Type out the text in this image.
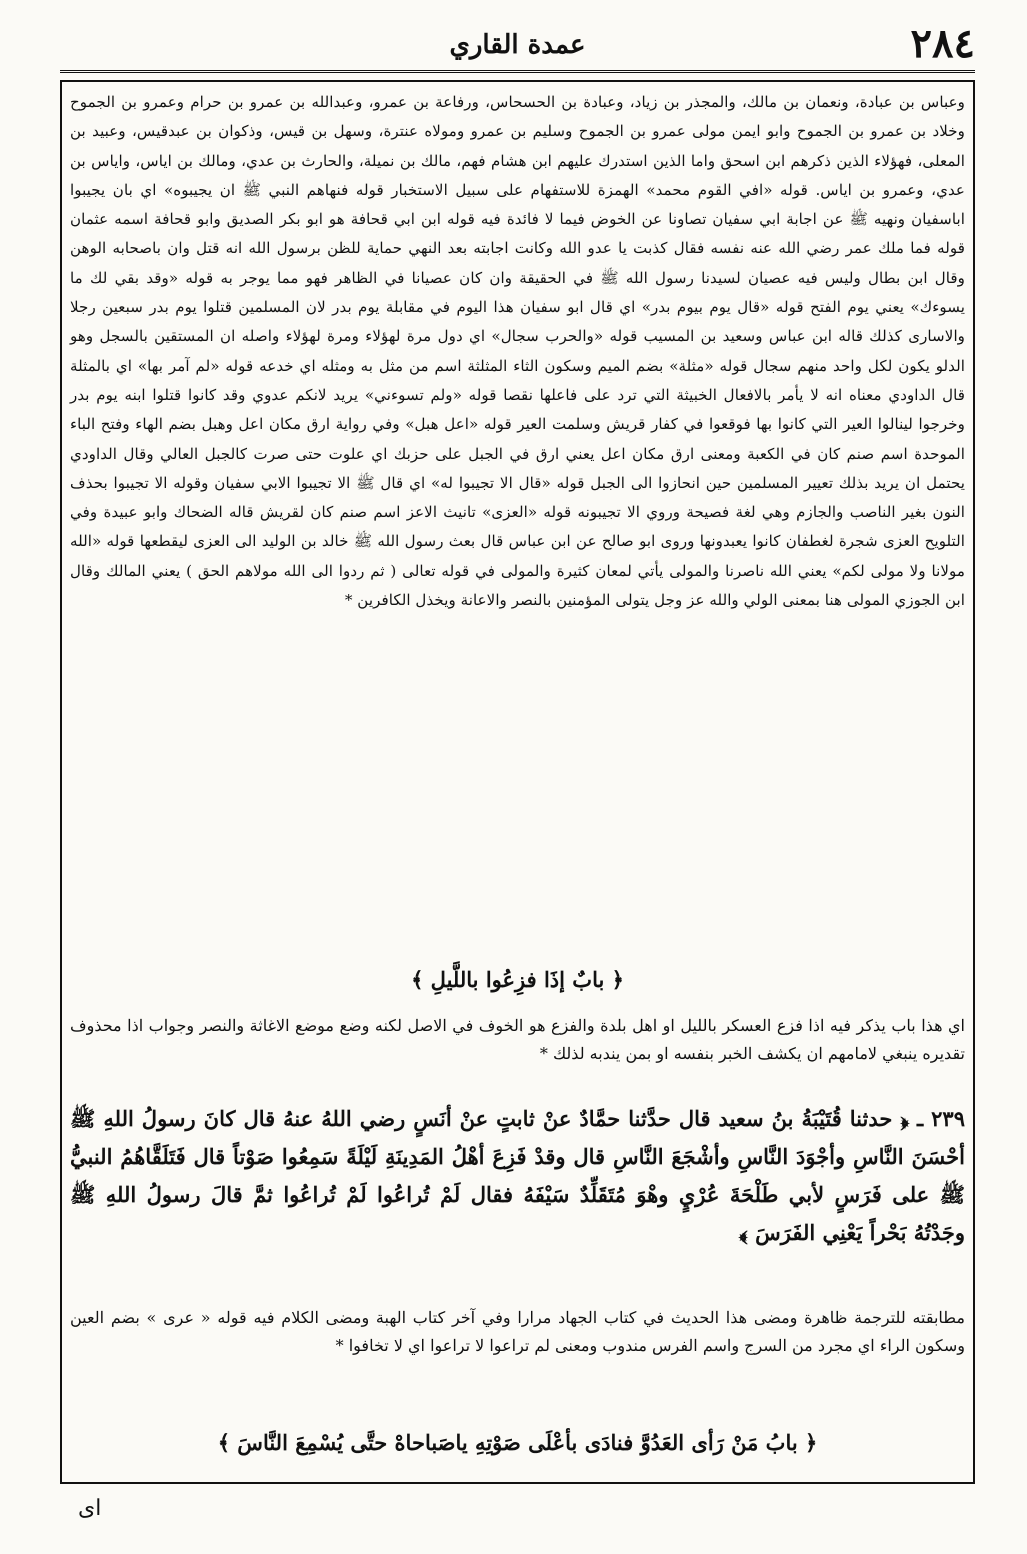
٢٨٤
عمدة القاري

وعباس بن عبادة، ونعمان بن مالك، والمجذر بن زياد، وعبادة بن الحسحاس، ورفاعة بن عمرو، وعبدالله بن عمرو بن حرام وعمرو بن الجموح وخلاد بن عمرو بن الجموح وابو ايمن مولى عمرو بن الجموح وسليم بن عمرو ومولاه عنترة، وسهل بن قيس، وذكوان بن عبدقيس، وعبيد بن المعلى، فهؤلاء الذين ذكرهم ابن اسحق واما الذين استدرك عليهم ابن هشام فهم، مالك بن نميلة، والحارث بن عدي، ومالك بن اياس، واياس بن عدي، وعمرو بن اياس. قوله «افي القوم محمد» الهمزة للاستفهام على سبيل الاستخبار قوله فنهاهم النبي ﷺ ان يجيبوه» اي بان يجيبوا اباسفيان ونهيه ﷺ عن اجابة ابي سفيان تصاونا عن الخوض فيما لا فائدة فيه قوله ابن ابي قحافة هو ابو بكر الصديق وابو قحافة اسمه عثمان قوله فما ملك عمر رضي الله عنه نفسه فقال كذبت يا عدو الله وكانت اجابته بعد النهي حماية للظن برسول الله انه قتل وان باصحابه الوهن وقال ابن بطال وليس فيه عصيان لسيدنا رسول الله ﷺ في الحقيقة وان كان عصيانا في الظاهر فهو مما يوجر به قوله «وقد بقي لك ما يسوءك» يعني يوم الفتح قوله «قال يوم بيوم بدر» اي قال ابو سفيان هذا اليوم في مقابلة يوم بدر لان المسلمين قتلوا يوم بدر سبعين رجلا والاسارى كذلك قاله ابن عباس وسعيد بن المسيب قوله «والحرب سجال» اي دول مرة لهؤلاء ومرة لهؤلاء واصله ان المستقين بالسجل وهو الدلو يكون لكل واحد منهم سجال قوله «مثلة» بضم الميم وسكون الثاء المثلثة اسم من مثل به ومثله اي خدعه قوله «لم آمر بها» اي بالمثلة قال الداودي معناه انه لا يأمر بالافعال الخبيثة التي ترد على فاعلها نقصا قوله «ولم تسوءني» يريد لانكم عدوي وقد كانوا قتلوا ابنه يوم بدر وخرجوا لينالوا العير التي كانوا بها فوقعوا في كفار قريش وسلمت العير قوله «اعل هبل» وفي رواية ارق مكان اعل وهبل بضم الهاء وفتح الباء الموحدة اسم صنم كان في الكعبة ومعنى ارق مكان اعل يعني ارق في الجبل على حزبك اي علوت حتى صرت كالجبل العالي وقال الداودي يحتمل ان يريد بذلك تعيير المسلمين حين انحازوا الى الجبل قوله «قال الا تجيبوا له» اي قال ﷺ الا تجيبوا الابي سفيان وقوله الا تجيبوا بحذف النون بغير الناصب والجازم وهي لغة فصيحة وروي الا تجيبونه قوله «العزى» تانيث الاعز اسم صنم كان لقريش قاله الضحاك وابو عبيدة وفي التلويح العزى شجرة لغطفان كانوا يعبدونها وروى ابو صالح عن ابن عباس قال بعث رسول الله ﷺ خالد بن الوليد الى العزى ليقطعها قوله «الله مولانا ولا مولى لكم» يعني الله ناصرنا والمولى يأتي لمعان كثيرة والمولى في قوله تعالى ( ثم ردوا الى الله مولاهم الحق ) يعني المالك وقال ابن الجوزي المولى هنا بمعنى الولي والله عز وجل يتولى المؤمنين بالنصر والاعانة ويخذل الكافرين *

﴿ بابٌ إذَا فزِعُوا باللَّيلِ ﴾

اي هذا باب يذكر فيه اذا فزع العسكر بالليل او اهل بلدة والفزع هو الخوف في الاصل لكنه وضع موضع الاغاثة والنصر وجواب اذا محذوف تقديره ينبغي لامامهم ان يكشف الخبر بنفسه او بمن يندبه لذلك *

٢٣٩ ـ ﴿ حدثنا قُتَيْبَةُ بنُ سعيد قال حدَّثنا حمَّادٌ عنْ ثابتٍ عنْ أنَسٍ رضي اللهُ عنهُ قال كانَ رسولُ اللهِ ﷺ أحْسَنَ النَّاسِ وأجْوَدَ النَّاسِ وأشْجَعَ النَّاسِ قال وقدْ فَزِعَ أهْلُ المَدِينَةِ لَيْلَةً سَمِعُوا صَوْتاً قال فَتَلَقَّاهُمُ النبيُّ ﷺ على فَرَسٍ لأبي طَلْحَةَ عُرْيٍ وهْوَ مُتَقَلِّدٌ سَيْفَهُ فقال لَمْ تُراعُوا لَمْ تُراعُوا ثمَّ قالَ رسولُ اللهِ ﷺ وجَدْتُهُ بَحْراً يَعْنِي الفَرَسَ ﴾

مطابقته للترجمة ظاهرة ومضى هذا الحديث في كتاب الجهاد مرارا وفي آخر كتاب الهبة ومضى الكلام فيه قوله « عرى » بضم العين وسكون الراء اي مجرد من السرج واسم الفرس مندوب ومعنى لم تراعوا لا تراعوا اي لا تخافوا *

﴿ بابُ مَنْ رَأى العَدُوَّ فنادَى بأعْلَى صَوْتِهِ ياصَباحاهْ حتَّى يُسْمِعَ النَّاسَ ﴾
اى
